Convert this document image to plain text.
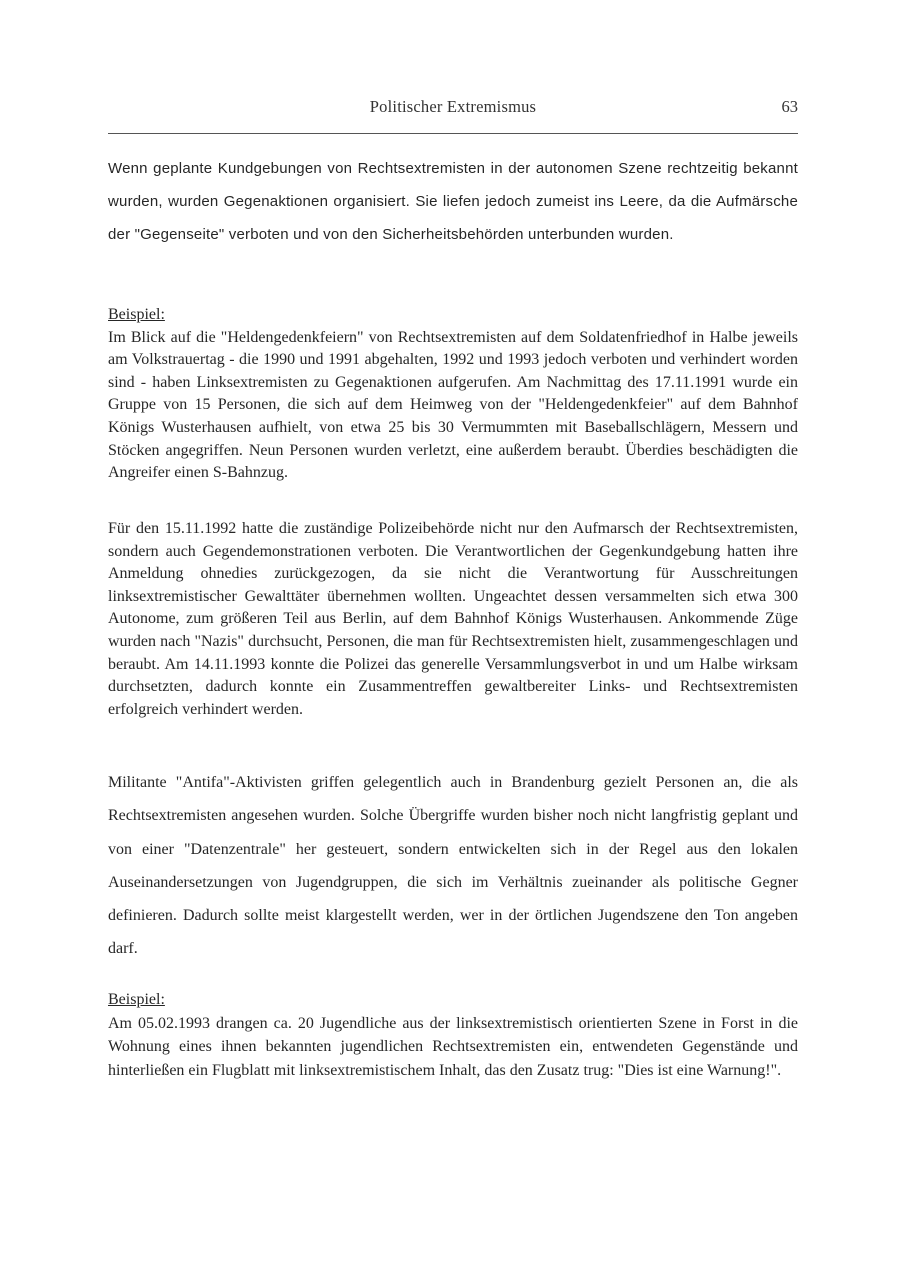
Politischer Extremismus	63

Wenn geplante Kundgebungen von Rechtsextremisten in der autonomen Szene rechtzeitig bekannt wurden, wurden Gegenaktionen organisiert. Sie liefen jedoch zumeist ins Leere, da die Aufmärsche der "Gegenseite" verboten und von den Sicherheitsbehörden unterbunden wurden.

Beispiel:
Im Blick auf die "Heldengedenkfeiern" von Rechtsextremisten auf dem Soldatenfriedhof in Halbe jeweils am Volkstrauertag - die 1990 und 1991 abgehalten, 1992 und 1993 jedoch verboten und verhindert worden sind - haben Linksextremisten zu Gegenaktionen aufgerufen. Am Nachmittag des 17.11.1991 wurde ein Gruppe von 15 Personen, die sich auf dem Heimweg von der "Heldengedenkfeier" auf dem Bahnhof Königs Wusterhausen aufhielt, von etwa 25 bis 30 Vermummten mit Baseballschlägern, Messern und Stöcken angegriffen. Neun Personen wurden verletzt, eine außerdem beraubt. Überdies beschädigten die Angreifer einen S-Bahnzug.

Für den 15.11.1992 hatte die zuständige Polizeibehörde nicht nur den Aufmarsch der Rechtsextremisten, sondern auch Gegendemonstrationen verboten. Die Verantwortlichen der Gegenkundgebung hatten ihre Anmeldung ohnedies zurückgezogen, da sie nicht die Verantwortung für Ausschreitungen linksextremistischer Gewalttäter übernehmen wollten. Ungeachtet dessen versammelten sich etwa 300 Autonome, zum größeren Teil aus Berlin, auf dem Bahnhof Königs Wusterhausen. Ankommende Züge wurden nach "Nazis" durchsucht, Personen, die man für Rechtsextremisten hielt, zusammengeschlagen und beraubt. Am 14.11.1993 konnte die Polizei das generelle Versammlungsverbot in und um Halbe wirksam durchsetzten, dadurch konnte ein Zusammentreffen gewaltbereiter Links- und Rechtsextremisten erfolgreich verhindert werden.

Militante "Antifa"-Aktivisten griffen gelegentlich auch in Brandenburg gezielt Personen an, die als Rechtsextremisten angesehen wurden. Solche Übergriffe wurden bisher noch nicht langfristig geplant und von einer "Datenzentrale" her gesteuert, sondern entwickelten sich in der Regel aus den lokalen Auseinandersetzungen von Jugendgruppen, die sich im Verhältnis zueinander als politische Gegner definieren. Dadurch sollte meist klargestellt werden, wer in der örtlichen Jugendszene den Ton angeben darf.

Beispiel:
Am 05.02.1993 drangen ca. 20 Jugendliche aus der linksextremistisch orientierten Szene in Forst in die Wohnung eines ihnen bekannten jugendlichen Rechtsextremisten ein, entwendeten Gegenstände und hinterließen ein Flugblatt mit linksextremistischem Inhalt, das den Zusatz trug: "Dies ist eine Warnung!".
